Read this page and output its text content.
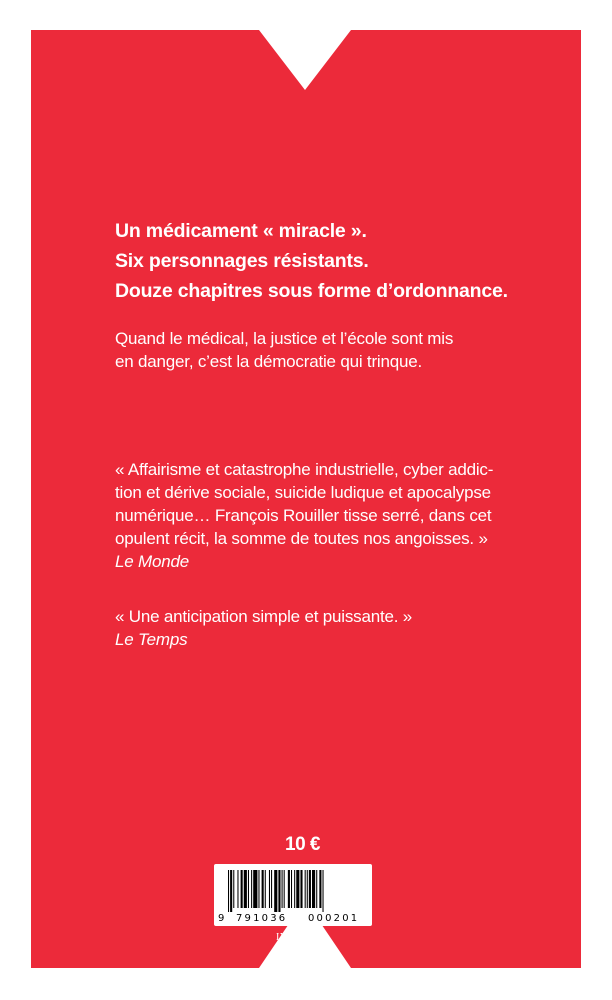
Un médicament « miracle ».
Six personnages résistants.
Douze chapitres sous forme d’ordonnance.
Quand le médical, la justice et l’école sont mis
en danger, c’est la démocratie qui trinque.
« Affairisme et catastrophe industrielle, cyber addic-
tion et dérive sociale, suicide ludique et apocalypse
numérique… François Rouiller tisse serré, dans cet
opulent récit, la somme de toutes nos angoisses. »
Le Monde
« Une anticipation simple et puissante. »
Le Temps
10 €
9 791036 000201
IX-19
